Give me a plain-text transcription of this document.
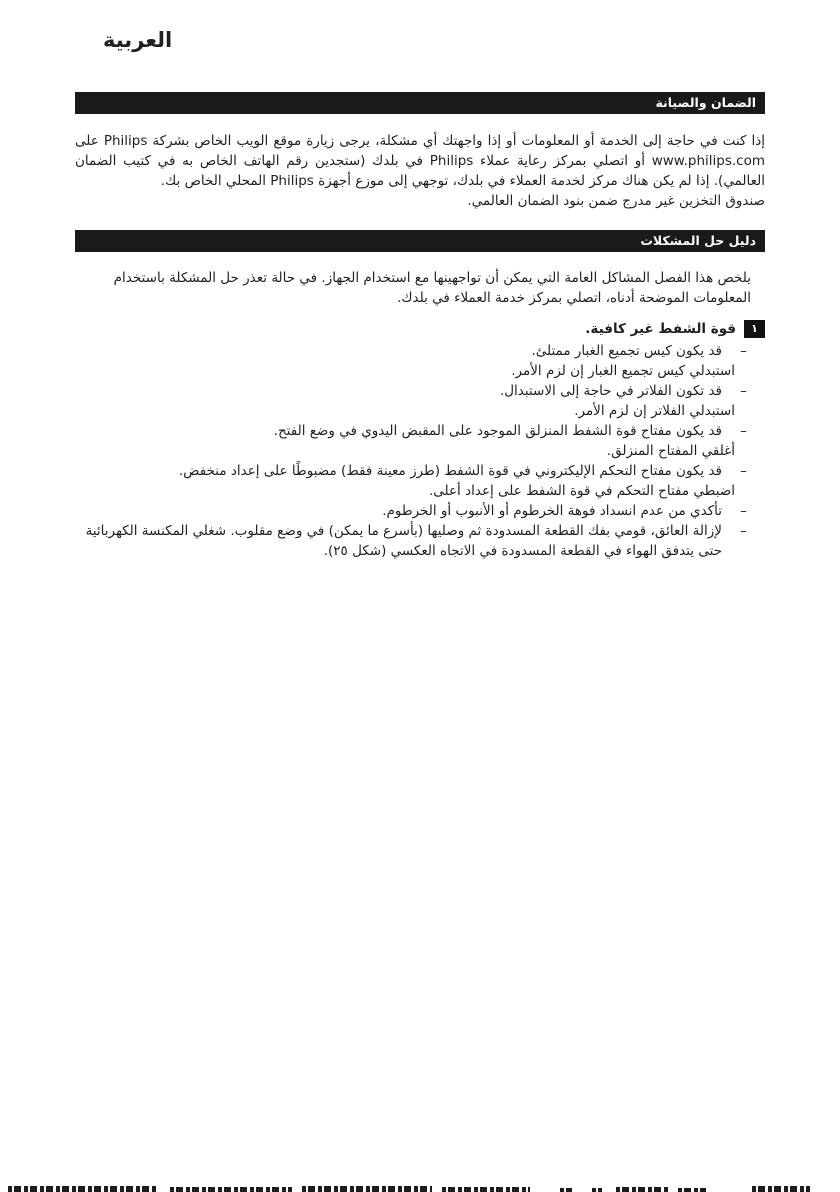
العربية
الضمان والصيانة
إذا كنت في حاجة إلى الخدمة أو المعلومات أو إذا واجهتك أي مشكلة، يرجى زيارة موقع الويب الخاص بشركة Philips على www.philips.com أو اتصلي بمركز رعاية عملاء Philips في بلدك (ستجدين رقم الهاتف الخاص به في كتيب الضمان العالمي). إذا لم يكن هناك مركز لخدمة العملاء في بلدك، توجهي إلى موزع أجهزة Philips المحلي الخاص بك.
صندوق التخزين غير مدرج ضمن بنود الضمان العالمي.
دليل حل المشكلات
يلخص هذا الفصل المشاكل العامة التي يمكن أن تواجهينها مع استخدام الجهاز. في حالة تعذر حل المشكلة باستخدام المعلومات الموضحة أدناه، اتصلي بمركز خدمة العملاء في بلدك.
١
قوة الشفط غير كافية.
–
قد يكون كيس تجميع الغبار ممتلئ.
استبدلي كيس تجميع الغبار إن لزم الأمر.
–
قد تكون الفلاتر في حاجة إلى الاستبدال.
استبدلي الفلاتر إن لزم الأمر.
–
قد يكون مفتاح قوة الشفط المنزلق الموجود على المقبض اليدوي في وضع الفتح.
أغلقي المفتاح المنزلق.
–
قد يكون مفتاح التحكم الإليكتروني في قوة الشفط (طرز معينة فقط) مضبوطًا على إعداد منخفض.
اضبطي مفتاح التحكم في قوة الشفط على إعداد أعلى.
–
تأكدي من عدم انسداد فوهة الخرطوم أو الأنبوب أو الخرطوم.
–
لإزالة العائق، قومي بفك القطعة المسدودة ثم وصليها (بأسرع ما يمكن) في وضع مقلوب. شغلي المكنسة الكهربائية حتى يتدفق الهواء في القطعة المسدودة في الاتجاه العكسي (شكل ٢٥).
